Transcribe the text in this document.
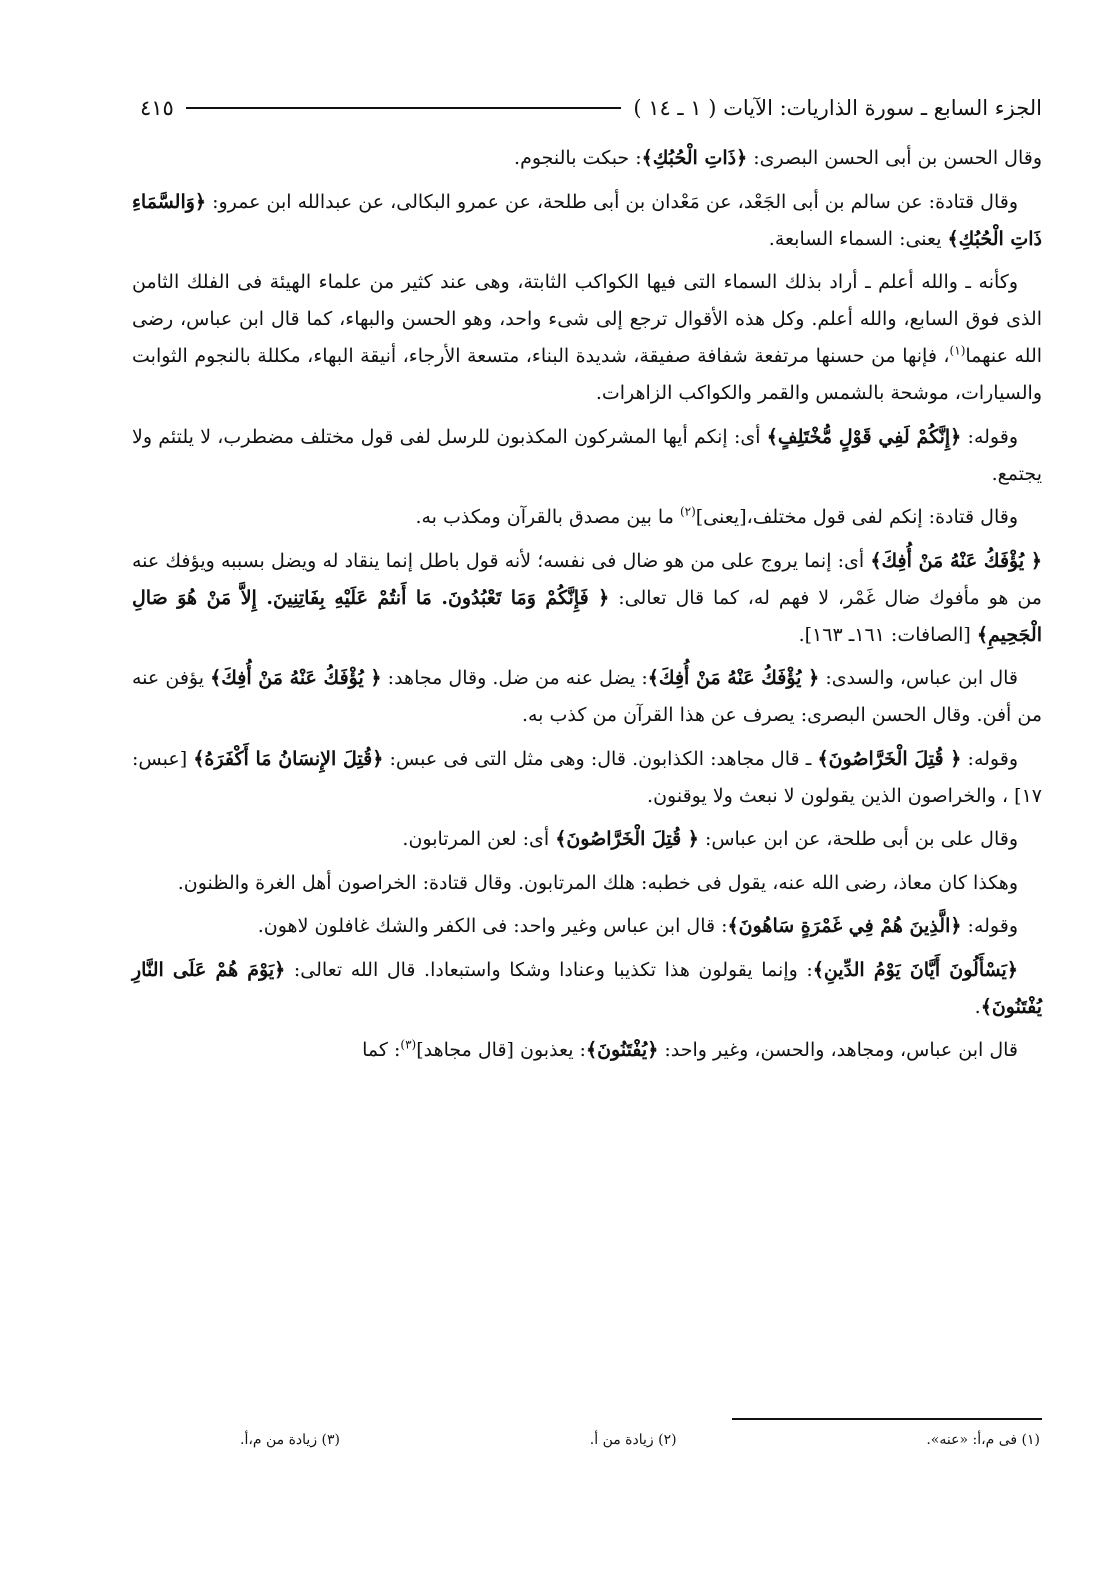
الجزء السابع ـ سورة الذاريات: الآيات ( ١ ـ ١٤ )
٤١٥

وقال الحسن بن أبى الحسن البصرى: ﴿ذَاتِ الْحُبُكِ﴾: حبكت بالنجوم.

وقال قتادة: عن سالم بن أبى الجَعْد، عن مَعْدان بن أبى طلحة، عن عمرو البكالى، عن عبدالله ابن عمرو: ﴿وَالسَّمَاءِ ذَاتِ الْحُبُكِ﴾ يعنى: السماء السابعة.

وكأنه ـ والله أعلم ـ أراد بذلك السماء التى فيها الكواكب الثابتة، وهى عند كثير من علماء الهيئة فى الفلك الثامن الذى فوق السابع، والله أعلم. وكل هذه الأقوال ترجع إلى شىء واحد، وهو الحسن والبهاء، كما قال ابن عباس، رضى الله عنهما$^{(١)}$، فإنها من حسنها مرتفعة شفافة صفيقة، شديدة البناء، متسعة الأرجاء، أنيقة البهاء، مكللة بالنجوم الثوابت والسيارات، موشحة بالشمس والقمر والكواكب الزاهرات.

وقوله: ﴿إِنَّكُمْ لَفِي قَوْلٍ مُّخْتَلِفٍ﴾ أى: إنكم أيها المشركون المكذبون للرسل لفى قول مختلف مضطرب، لا يلتئم ولا يجتمع.

وقال قتادة: إنكم لفى قول مختلف،[يعنى]$^{(٢)}$ ما بين مصدق بالقرآن ومكذب به.

﴿ يُؤْفَكُ عَنْهُ مَنْ أُفِكَ﴾ أى: إنما يروج على من هو ضال فى نفسه؛ لأنه قول باطل إنما ينقاد له ويضل بسببه ويؤفك عنه من هو مأفوك ضال غَمْر، لا فهم له، كما قال تعالى: ﴿ فَإِنَّكُمْ وَمَا تَعْبُدُونَ. مَا أَنتُمْ عَلَيْهِ بِفَاتِنِينَ. إِلاَّ مَنْ هُوَ صَالِ الْجَحِيمِ﴾ [الصافات: ١٦١ـ ١٦٣].

قال ابن عباس، والسدى: ﴿ يُؤْفَكُ عَنْهُ مَنْ أُفِكَ﴾: يضل عنه من ضل. وقال مجاهد: ﴿ يُؤْفَكُ عَنْهُ مَنْ أُفِكَ﴾ يؤفن عنه من أفن. وقال الحسن البصرى: يصرف عن هذا القرآن من كذب به.

وقوله: ﴿ قُتِلَ الْخَرَّاصُونَ﴾ ـ قال مجاهد: الكذابون. قال: وهى مثل التى فى عبس: ﴿قُتِلَ الإِنسَانُ مَا أَكْفَرَهُ﴾ [عبس: ١٧] ، والخراصون الذين يقولون لا نبعث ولا يوقنون.

وقال على بن أبى طلحة، عن ابن عباس: ﴿ قُتِلَ الْخَرَّاصُونَ﴾ أى: لعن المرتابون.

وهكذا كان معاذ، رضى الله عنه، يقول فى خطبه: هلك المرتابون. وقال قتادة: الخراصون أهل الغرة والظنون.

وقوله: ﴿الَّذِينَ هُمْ فِي غَمْرَةٍ سَاهُونَ﴾: قال ابن عباس وغير واحد: فى الكفر والشك غافلون لاهون.

﴿يَسْأَلُونَ أَيَّانَ يَوْمُ الدِّينِ﴾: وإنما يقولون هذا تكذيبا وعنادا وشكا واستبعادا. قال الله تعالى: ﴿يَوْمَ هُمْ عَلَى النَّارِ يُفْتَنُونَ﴾.

قال ابن عباس، ومجاهد، والحسن، وغير واحد: ﴿يُفْتَنُونَ﴾: يعذبون [قال مجاهد]$^{(٣)}$: كما

(١) فى م،أ: «عنه».
(٢) زيادة من أ.
(٣) زيادة من م،أ.
